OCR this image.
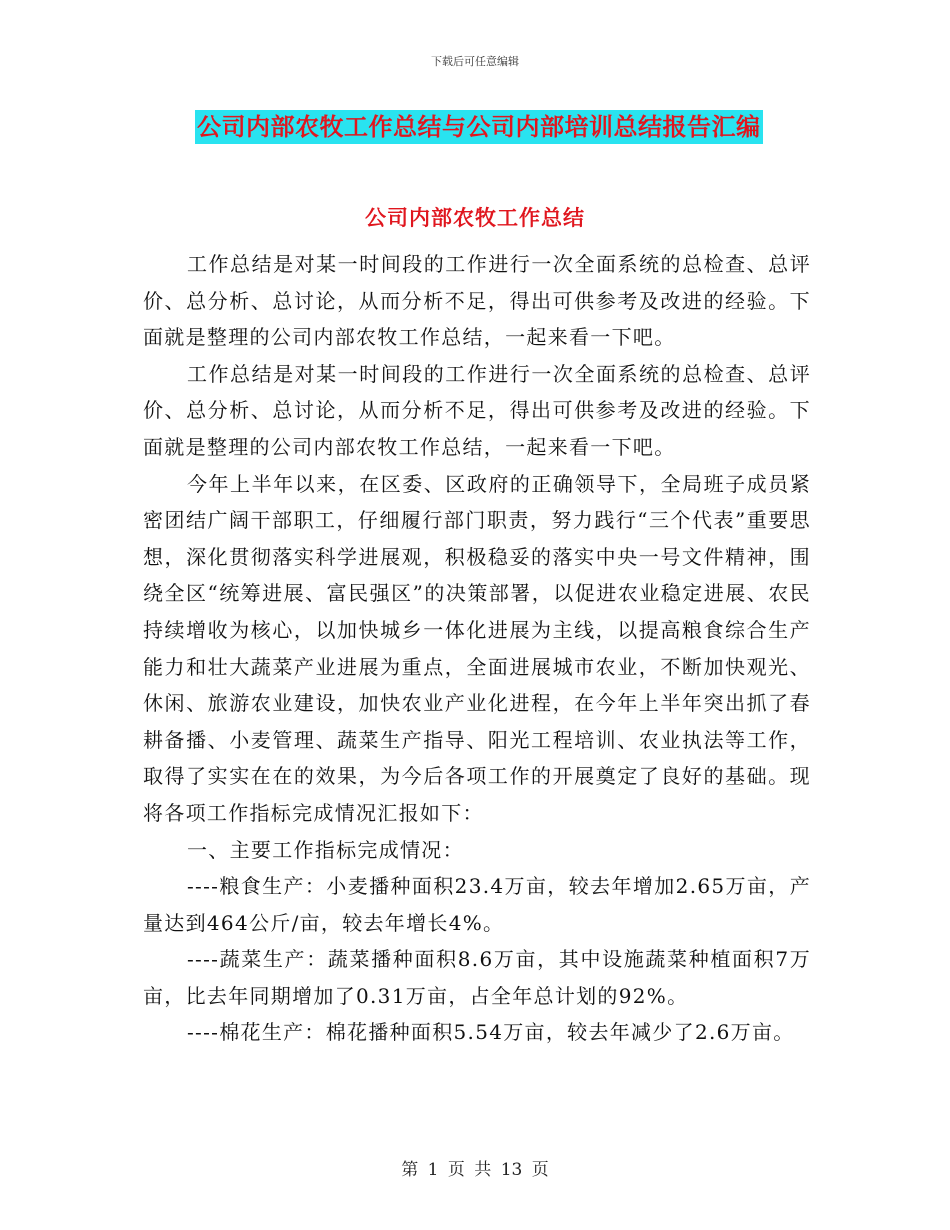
下载后可任意编辑
公司内部农牧工作总结与公司内部培训总结报告汇编
公司内部农牧工作总结

工作总结是对某一时间段的工作进行一次全面系统的总检查、总评价、总分析、总讨论，从而分析不足，得出可供参考及改进的经验。下面就是整理的公司内部农牧工作总结，一起来看一下吧。

工作总结是对某一时间段的工作进行一次全面系统的总检查、总评价、总分析、总讨论，从而分析不足，得出可供参考及改进的经验。下面就是整理的公司内部农牧工作总结，一起来看一下吧。

今年上半年以来，在区委、区政府的正确领导下，全局班子成员紧密团结广阔干部职工，仔细履行部门职责，努力践行“三个代表”重要思想，深化贯彻落实科学进展观，积极稳妥的落实中央一号文件精神，围绕全区“统筹进展、富民强区”的决策部署，以促进农业稳定进展、农民持续增收为核心，以加快城乡一体化进展为主线，以提高粮食综合生产能力和壮大蔬菜产业进展为重点，全面进展城市农业，不断加快观光、休闲、旅游农业建设，加快农业产业化进程，在今年上半年突出抓了春耕备播、小麦管理、蔬菜生产指导、阳光工程培训、农业执法等工作，取得了实实在在的效果，为今后各项工作的开展奠定了良好的基础。现将各项工作指标完成情况汇报如下：

一、主要工作指标完成情况：

----粮食生产：小麦播种面积23.4万亩，较去年增加2.65万亩，产量达到464公斤/亩，较去年增长4%。

----蔬菜生产：蔬菜播种面积8.6万亩，其中设施蔬菜种植面积7万亩，比去年同期增加了0.31万亩，占全年总计划的92%。

----棉花生产：棉花播种面积5.54万亩，较去年减少了2.6万亩。

第 1 页 共 13 页
